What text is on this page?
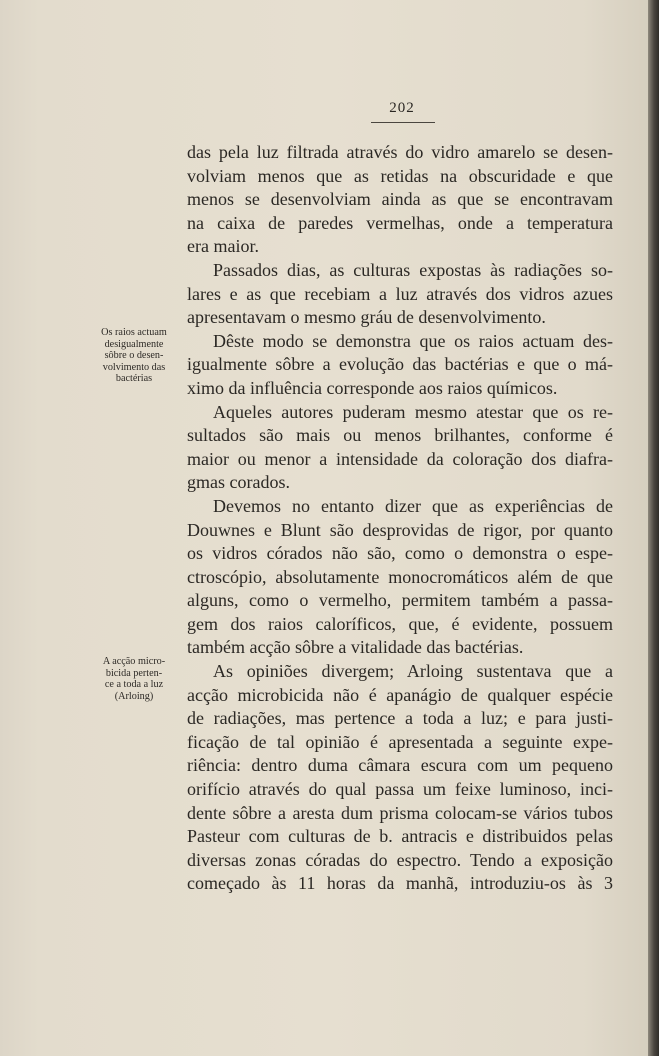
202
Os raios actuam
desigualmente
sôbre o desen-
volvimento das
bactérias
A acção micro-
bicida perten-
ce a toda a luz
(Arloing)
das pela luz filtrada através do vidro amarelo se desen-
volviam menos que as retidas na obscuridade e que
menos se desenvolviam ainda as que se encontravam
na caixa de paredes vermelhas, onde a temperatura
era maior.
Passados dias, as culturas expostas às radiações so-
lares e as que recebiam a luz através dos vidros azues
apresentavam o mesmo gráu de desenvolvimento.
Dêste modo se demonstra que os raios actuam des-
igualmente sôbre a evolução das bactérias e que o má-
ximo da influência corresponde aos raios químicos.
Aqueles autores puderam mesmo atestar que os re-
sultados são mais ou menos brilhantes, conforme é
maior ou menor a intensidade da coloração dos diafra-
gmas corados.
Devemos no entanto dizer que as experiências de
Douwnes e Blunt são desprovidas de rigor, por quanto
os vidros córados não são, como o demonstra o espe-
ctroscópio, absolutamente monocromáticos além de que
alguns, como o vermelho, permitem também a passa-
gem dos raios caloríficos, que, é evidente, possuem
também acção sôbre a vitalidade das bactérias.
As opiniões divergem; Arloing sustentava que a
acção microbicida não é apanágio de qualquer espécie
de radiações, mas pertence a toda a luz; e para justi-
ficação de tal opinião é apresentada a seguinte expe-
riência: dentro duma câmara escura com um pequeno
orifício através do qual passa um feixe luminoso, inci-
dente sôbre a aresta dum prisma colocam-se vários tubos
Pasteur com culturas de b. antracis e distribuidos pelas
diversas zonas córadas do espectro. Tendo a exposição
começado às 11 horas da manhã, introduziu-os às 3
